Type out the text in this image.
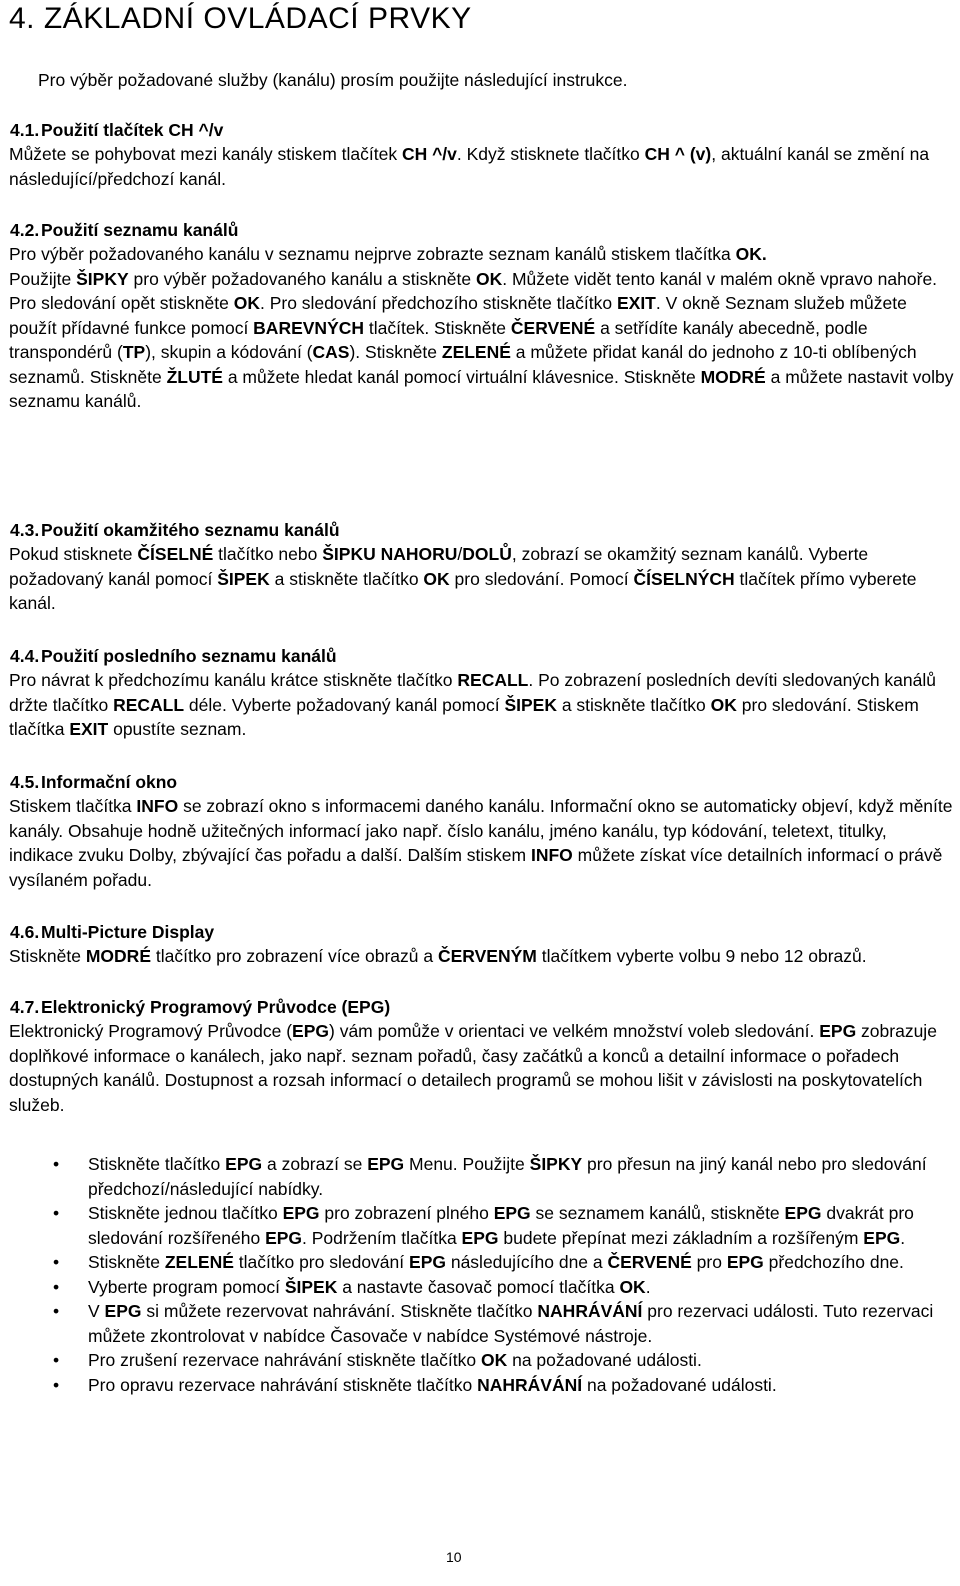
4. ZÁKLADNÍ OVLÁDACÍ PRVKY

Pro výběr požadované služby (kanálu) prosím použijte následující instrukce.

4.1. Použití tlačítek CH ^/v
Můžete se pohybovat mezi kanály stiskem tlačítek CH ^/v. Když stisknete tlačítko CH ^ (v), aktuální kanál se změní na následující/předchozí kanál.
4.2. Použití seznamu kanálů
Pro výběr požadovaného kanálu v seznamu nejprve zobrazte seznam kanálů stiskem tlačítka OK.
Použijte ŠIPKY pro výběr požadovaného kanálu a stiskněte OK. Můžete vidět tento kanál v malém okně vpravo nahoře.
Pro sledování opět stiskněte OK. Pro sledování předchozího stiskněte tlačítko EXIT. V okně Seznam služeb můžete použít přídavné funkce pomocí BAREVNÝCH tlačítek. Stiskněte ČERVENÉ a setřídíte kanály abecedně, podle transpondérů (TP), skupin a kódování (CAS). Stiskněte ZELENÉ a můžete přidat kanál do jednoho z 10-ti oblíbených seznamů. Stiskněte ŽLUTÉ a můžete hledat kanál pomocí virtuální klávesnice. Stiskněte MODRÉ a můžete nastavit volby seznamu kanálů.
4.3. Použití okamžitého seznamu kanálů
Pokud stisknete ČÍSELNÉ tlačítko nebo ŠIPKU NAHORU/DOLŮ, zobrazí se okamžitý seznam kanálů. Vyberte požadovaný kanál pomocí ŠIPEK a stiskněte tlačítko OK pro sledování. Pomocí ČÍSELNÝCH tlačítek přímo vyberete kanál.
4.4. Použití posledního seznamu kanálů
Pro návrat k předchozímu kanálu krátce stiskněte tlačítko RECALL. Po zobrazení posledních devíti sledovaných kanálů držte tlačítko RECALL déle. Vyberte požadovaný kanál pomocí ŠIPEK a stiskněte tlačítko OK pro sledování. Stiskem tlačítka EXIT opustíte seznam.
4.5. Informační okno
Stiskem tlačítka INFO se zobrazí okno s informacemi daného kanálu. Informační okno se automaticky objeví, když měníte kanály. Obsahuje hodně užitečných informací jako např. číslo kanálu, jméno kanálu, typ kódování, teletext, titulky, indikace zvuku Dolby, zbývající čas pořadu a další. Dalším stiskem INFO můžete získat více detailních informací o právě vysílaném pořadu.
4.6. Multi-Picture Display
Stiskněte MODRÉ tlačítko pro zobrazení více obrazů a ČERVENÝM tlačítkem vyberte volbu 9 nebo 12 obrazů.
4.7. Elektronický Programový Průvodce (EPG)
Elektronický Programový Průvodce (EPG) vám pomůže v orientaci ve velkém množství voleb sledování. EPG zobrazuje doplňkové informace o kanálech, jako např. seznam pořadů, časy začátků a konců a detailní informace o pořadech dostupných kanálů. Dostupnost a rozsah informací o detailech programů se mohou lišit v závislosti na poskytovatelích služeb.
• Stiskněte tlačítko EPG a zobrazí se EPG Menu. Použijte ŠIPKY pro přesun na jiný kanál nebo pro sledování předchozí/následující nabídky.
• Stiskněte jednou tlačítko EPG pro zobrazení plného EPG se seznamem kanálů, stiskněte EPG dvakrát pro sledování rozšířeného EPG. Podržením tlačítka EPG budete přepínat mezi základním a rozšířeným EPG.
• Stiskněte ZELENÉ tlačítko pro sledování EPG následujícího dne a ČERVENÉ pro EPG předchozího dne.
• Vyberte program pomocí ŠIPEK a nastavte časovač pomocí tlačítka OK.
• V EPG si můžete rezervovat nahrávání. Stiskněte tlačítko NAHRÁVÁNÍ pro rezervaci události. Tuto rezervaci můžete zkontrolovat v nabídce Časovače v nabídce Systémové nástroje.
• Pro zrušení rezervace nahrávání stiskněte tlačítko OK na požadované události.
• Pro opravu rezervace nahrávání stiskněte tlačítko NAHRÁVÁNÍ na požadované události.
10
